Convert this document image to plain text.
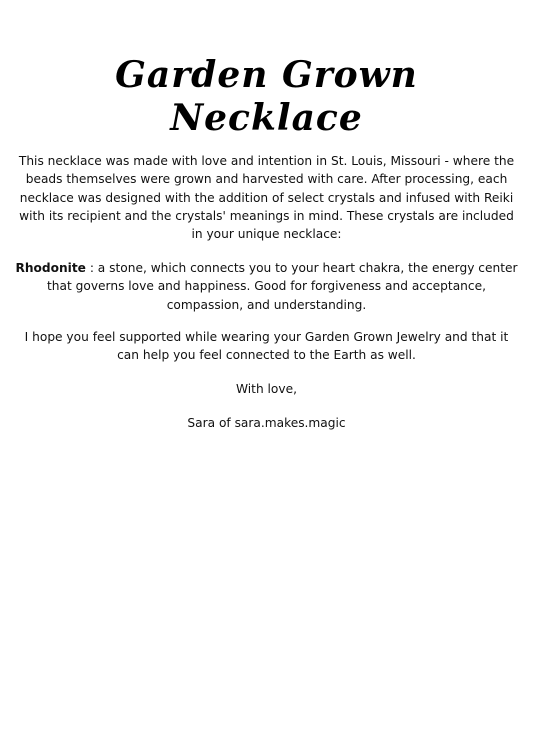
Garden Grown
Necklace

This necklace was made with love and intention in St. Louis, Missouri - where the beads themselves were grown and harvested with care. After processing, each necklace was designed with the addition of select crystals and infused with Reiki with its recipient and the crystals' meanings in mind. These crystals are included in your unique necklace:

Rhodonite : a stone, which connects you to your heart chakra, the energy center that governs love and happiness. Good for forgiveness and acceptance, compassion, and understanding.

I hope you feel supported while wearing your Garden Grown Jewelry and that it can help you feel connected to the Earth as well.

With love,

Sara of sara.makes.magic
